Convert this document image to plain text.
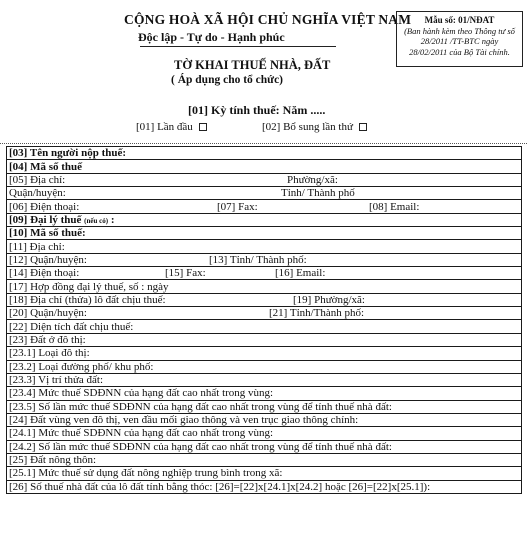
CỘNG HOÀ XÃ HỘI CHỦ NGHĨA VIỆT NAM
Độc lập - Tự do - Hạnh phúc
TỜ KHAI THUẾ NHÀ, ĐẤT
( Áp dụng cho tổ chức)
Mẫu số: 01/NĐAT
(Ban hành kèm theo Thông tư số
28/2011 /TT-BTC ngày
28/02/2011 của Bộ Tài chính.
[01] Kỳ tính thuế: Năm .....
[01] Lần đầu	[02] Bổ sung lần thứ
[03] Tên người nộp thuế:

[04] Mã số thuế

[05] Địa chỉ:	Phường/xã:

Quận/huyện:	Tỉnh/ Thành phố

[06] Điện thoại:	[07] Fax:	[08] Email:

[09] Đại lý thuế (nếu có) :

[10] Mã số thuế:

[11] Địa chỉ:

[12] Quận/huyện:	[13] Tỉnh/ Thành phố:

[14] Điện thoại:	[15] Fax:	[16] Email:

[17] Hợp đồng đại lý thuế, số : ngày

[18] Địa chỉ (thửa) lô đất chịu thuế:	[19] Phường/xã:

[20] Quận/huyện:	[21] Tỉnh/Thành phố:

[22] Diện tích đất chịu thuế:

[23] Đất ở đô thị:

[23.1] Loại đô thị:

[23.2] Loại đường phố/ khu phố:

[23.3] Vị trí thửa đất:

[23.4] Mức thuế SDĐNN của hạng đất cao nhất trong vùng:

[23.5] Số lần mức thuế SDĐNN của hạng đất cao nhất trong vùng để tính thuế nhà đất:

[24] Đất vùng ven đô thị, ven đầu mối giao thông và ven trục giao thông chính:

[24.1] Mức thuế SDĐNN của hạng đất cao nhất trong vùng:

[24.2] Số lần mức thuế SDĐNN của hạng đất cao nhất trong vùng để tính thuế nhà đất:

[25] Đất nông thôn:

[25.1] Mức thuế sử dụng đất nông nghiệp trung bình trong xã:

[26] Số thuế nhà đất của lô đất tính bằng thóc: [26]=[22]x[24.1]x[24.2] hoặc [26]=[22]x[25.1]):
